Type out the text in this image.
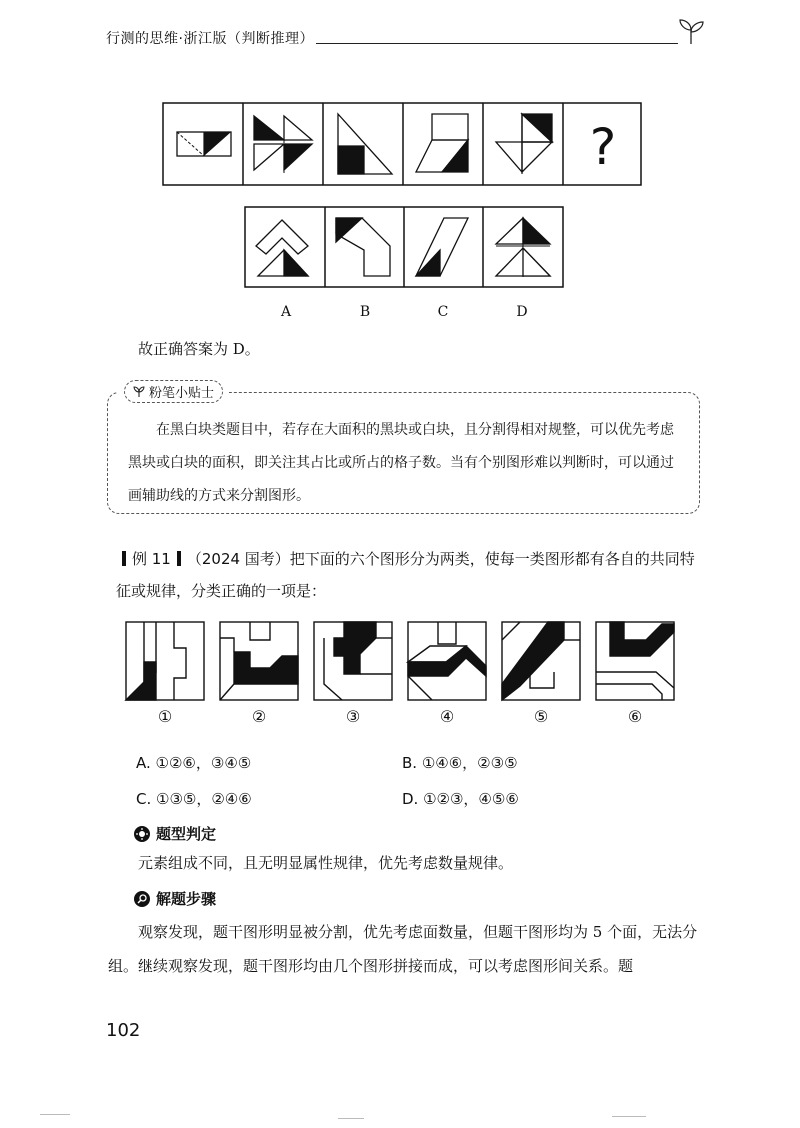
行测的思维·浙江版（判断推理）
?
A	B	C	D
故正确答案为 D。
粉笔小贴士
在黑白块类题目中，若存在大面积的黑块或白块，且分割得相对规整，可以优先考虑黑块或白块的面积，即关注其占比或所占的格子数。当有个别图形难以判断时，可以通过画辅助线的方式来分割图形。
例 11 （2024 国考）把下面的六个图形分为两类，使每一类图形都有各自的共同特征或规律，分类正确的一项是：
①	②	③	④	⑤	⑥
A. ①②⑥，③④⑤	B. ①④⑥，②③⑤
C. ①③⑤，②④⑥	D. ①②③，④⑤⑥
题型判定
元素组成不同，且无明显属性规律，优先考虑数量规律。
解题步骤
观察发现，题干图形明显被分割，优先考虑面数量，但题干图形均为 5 个面，无法分组。继续观察发现，题干图形均由几个图形拼接而成，可以考虑图形间关系。题
102
